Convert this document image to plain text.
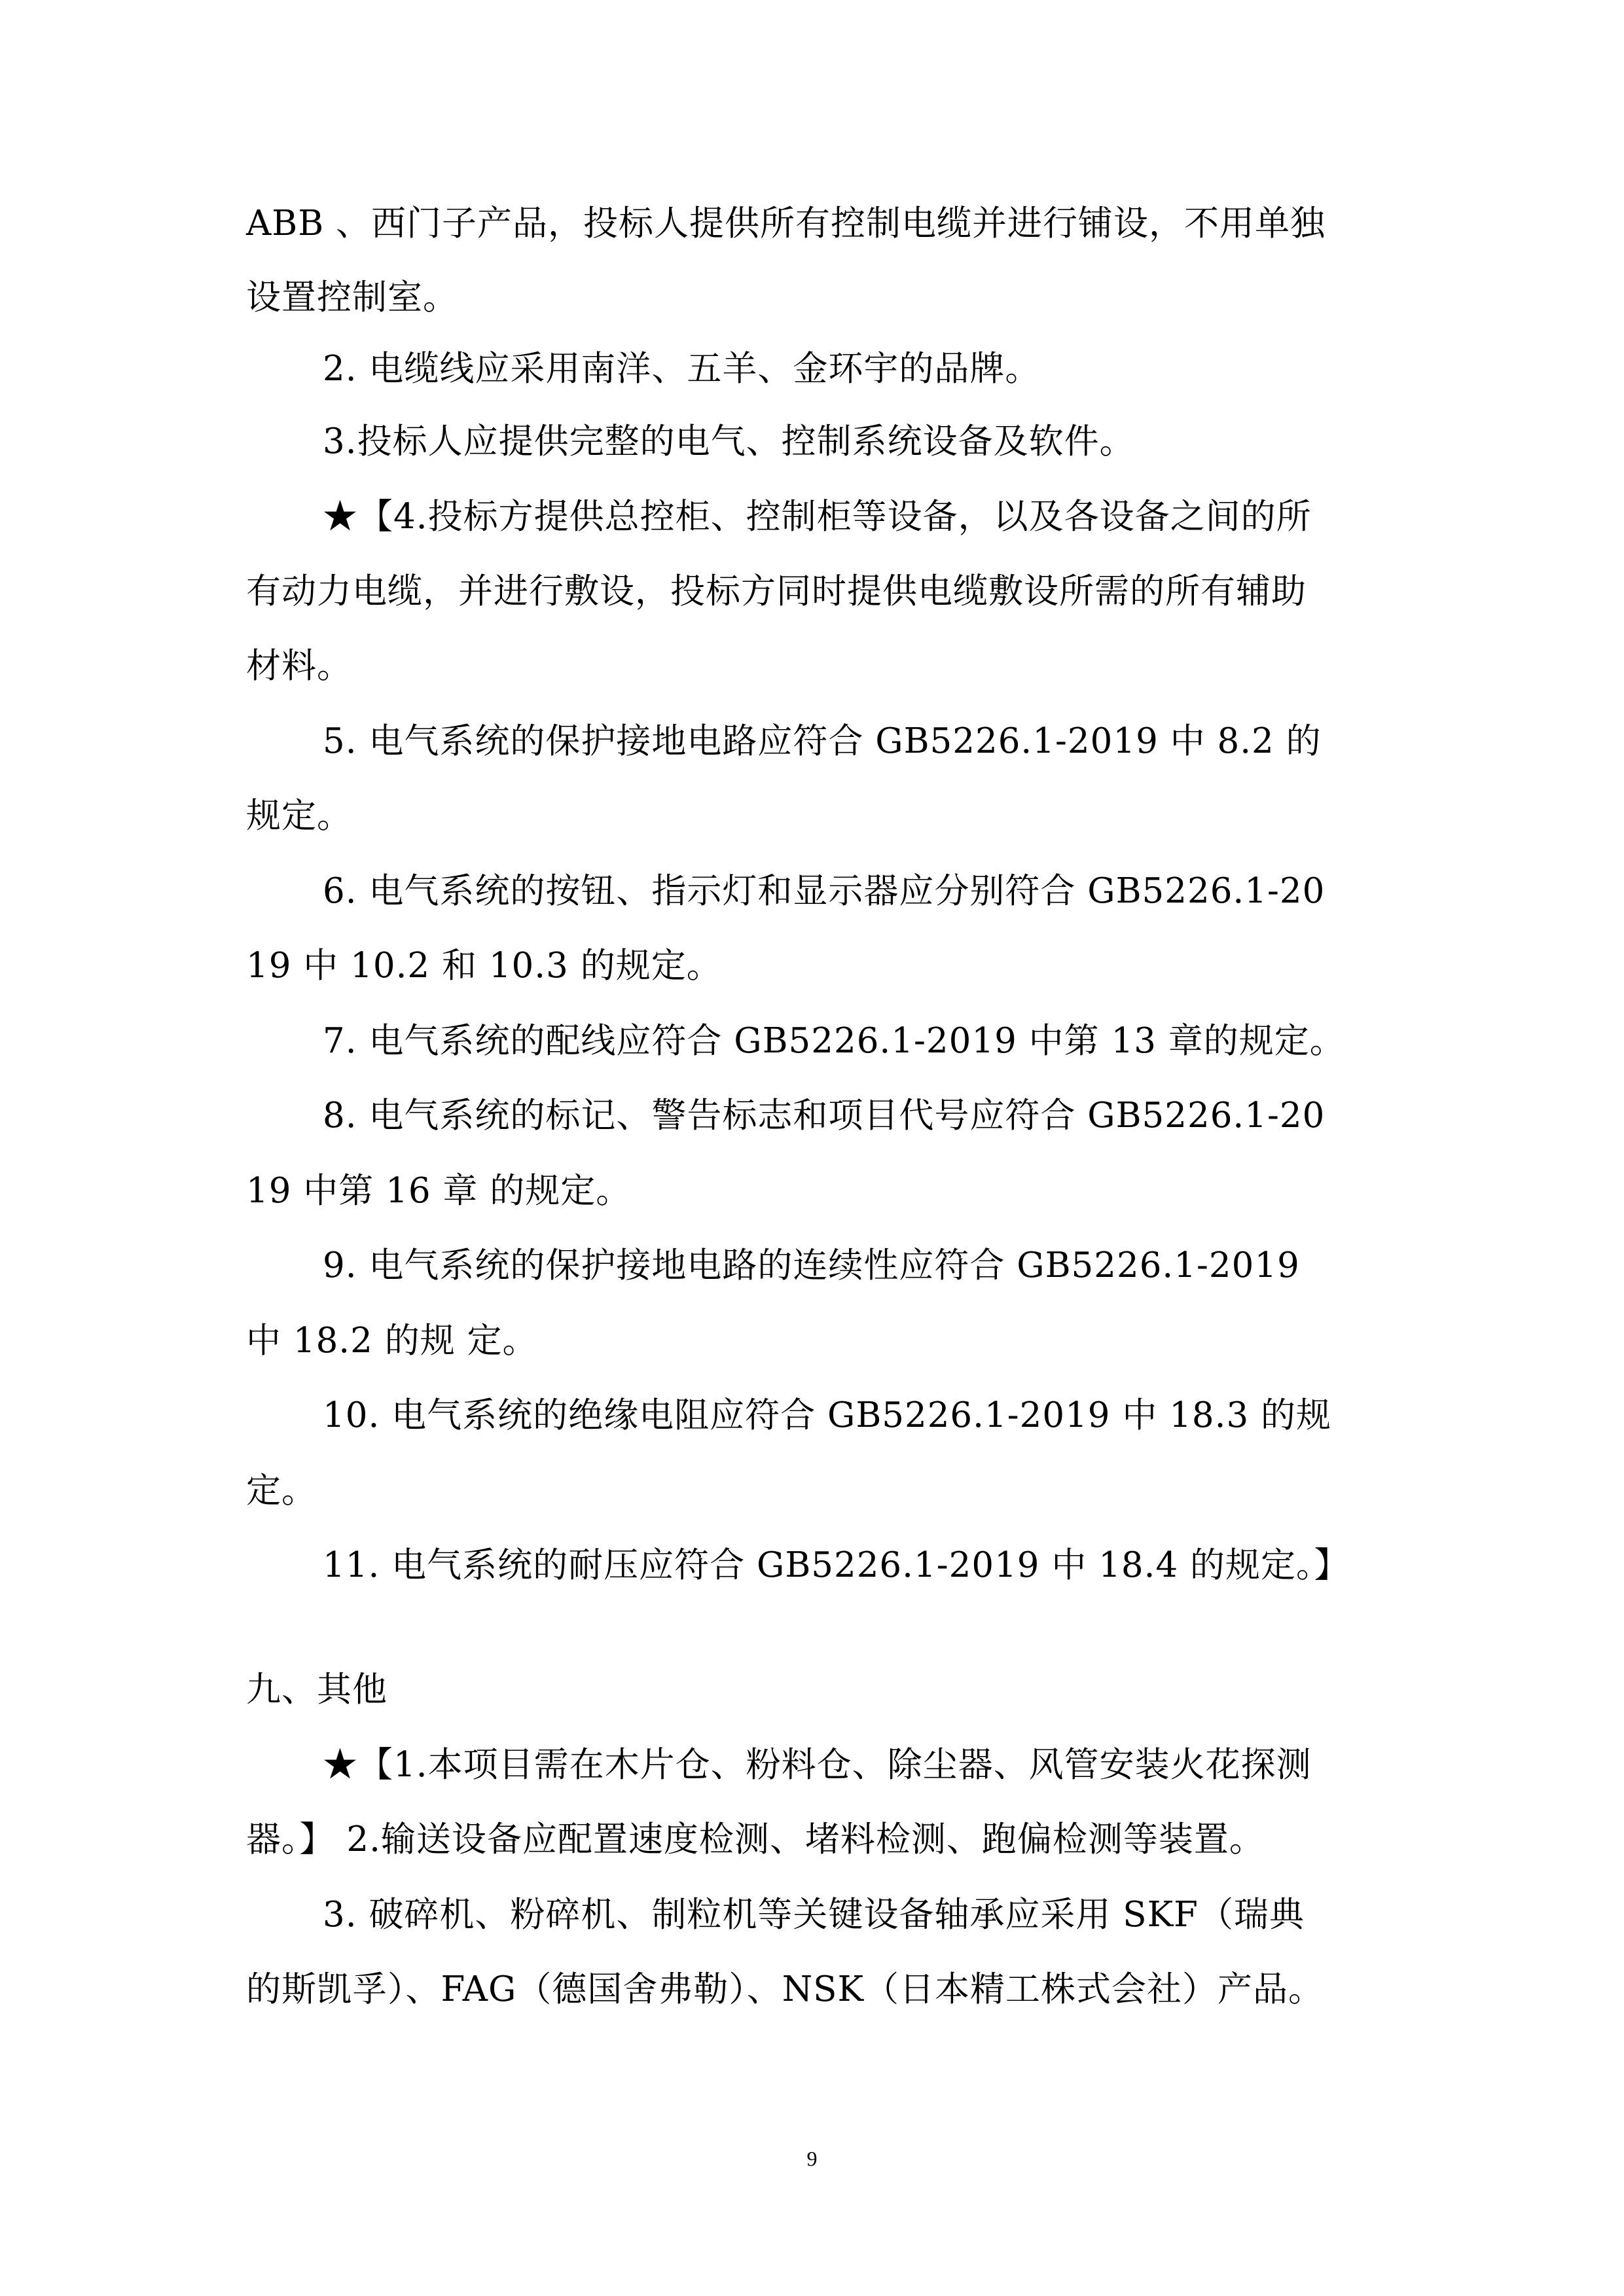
ABB 、西门子产品，投标人提供所有控制电缆并进行铺设，不用单独
设置控制室。
2. 电缆线应采用南洋、五羊、金环宇的品牌。
3.投标人应提供完整的电气、控制系统设备及软件。
★【4.投标方提供总控柜、控制柜等设备，以及各设备之间的所
有动力电缆，并进行敷设，投标方同时提供电缆敷设所需的所有辅助
材料。
5. 电气系统的保护接地电路应符合 GB5226.1-2019 中 8.2 的
规定。
6. 电气系统的按钮、指示灯和显示器应分别符合 GB5226.1-20
19 中 10.2 和 10.3 的规定。
7. 电气系统的配线应符合 GB5226.1-2019 中第 13 章的规定。
8. 电气系统的标记、警告标志和项目代号应符合 GB5226.1-20
19 中第 16 章 的规定。
9. 电气系统的保护接地电路的连续性应符合 GB5226.1-2019
中 18.2 的规 定。
10. 电气系统的绝缘电阻应符合 GB5226.1-2019 中 18.3 的规
定。
11. 电气系统的耐压应符合 GB5226.1-2019 中 18.4 的规定。】
九、其他
★【1.本项目需在木片仓、粉料仓、除尘器、风管安装火花探测
器。】 2.输送设备应配置速度检测、堵料检测、跑偏检测等装置。
3. 破碎机、粉碎机、制粒机等关键设备轴承应采用 SKF（瑞典
的斯凯孚）、FAG（德国舍弗勒）、NSK（日本精工株式会社）产品。
9
